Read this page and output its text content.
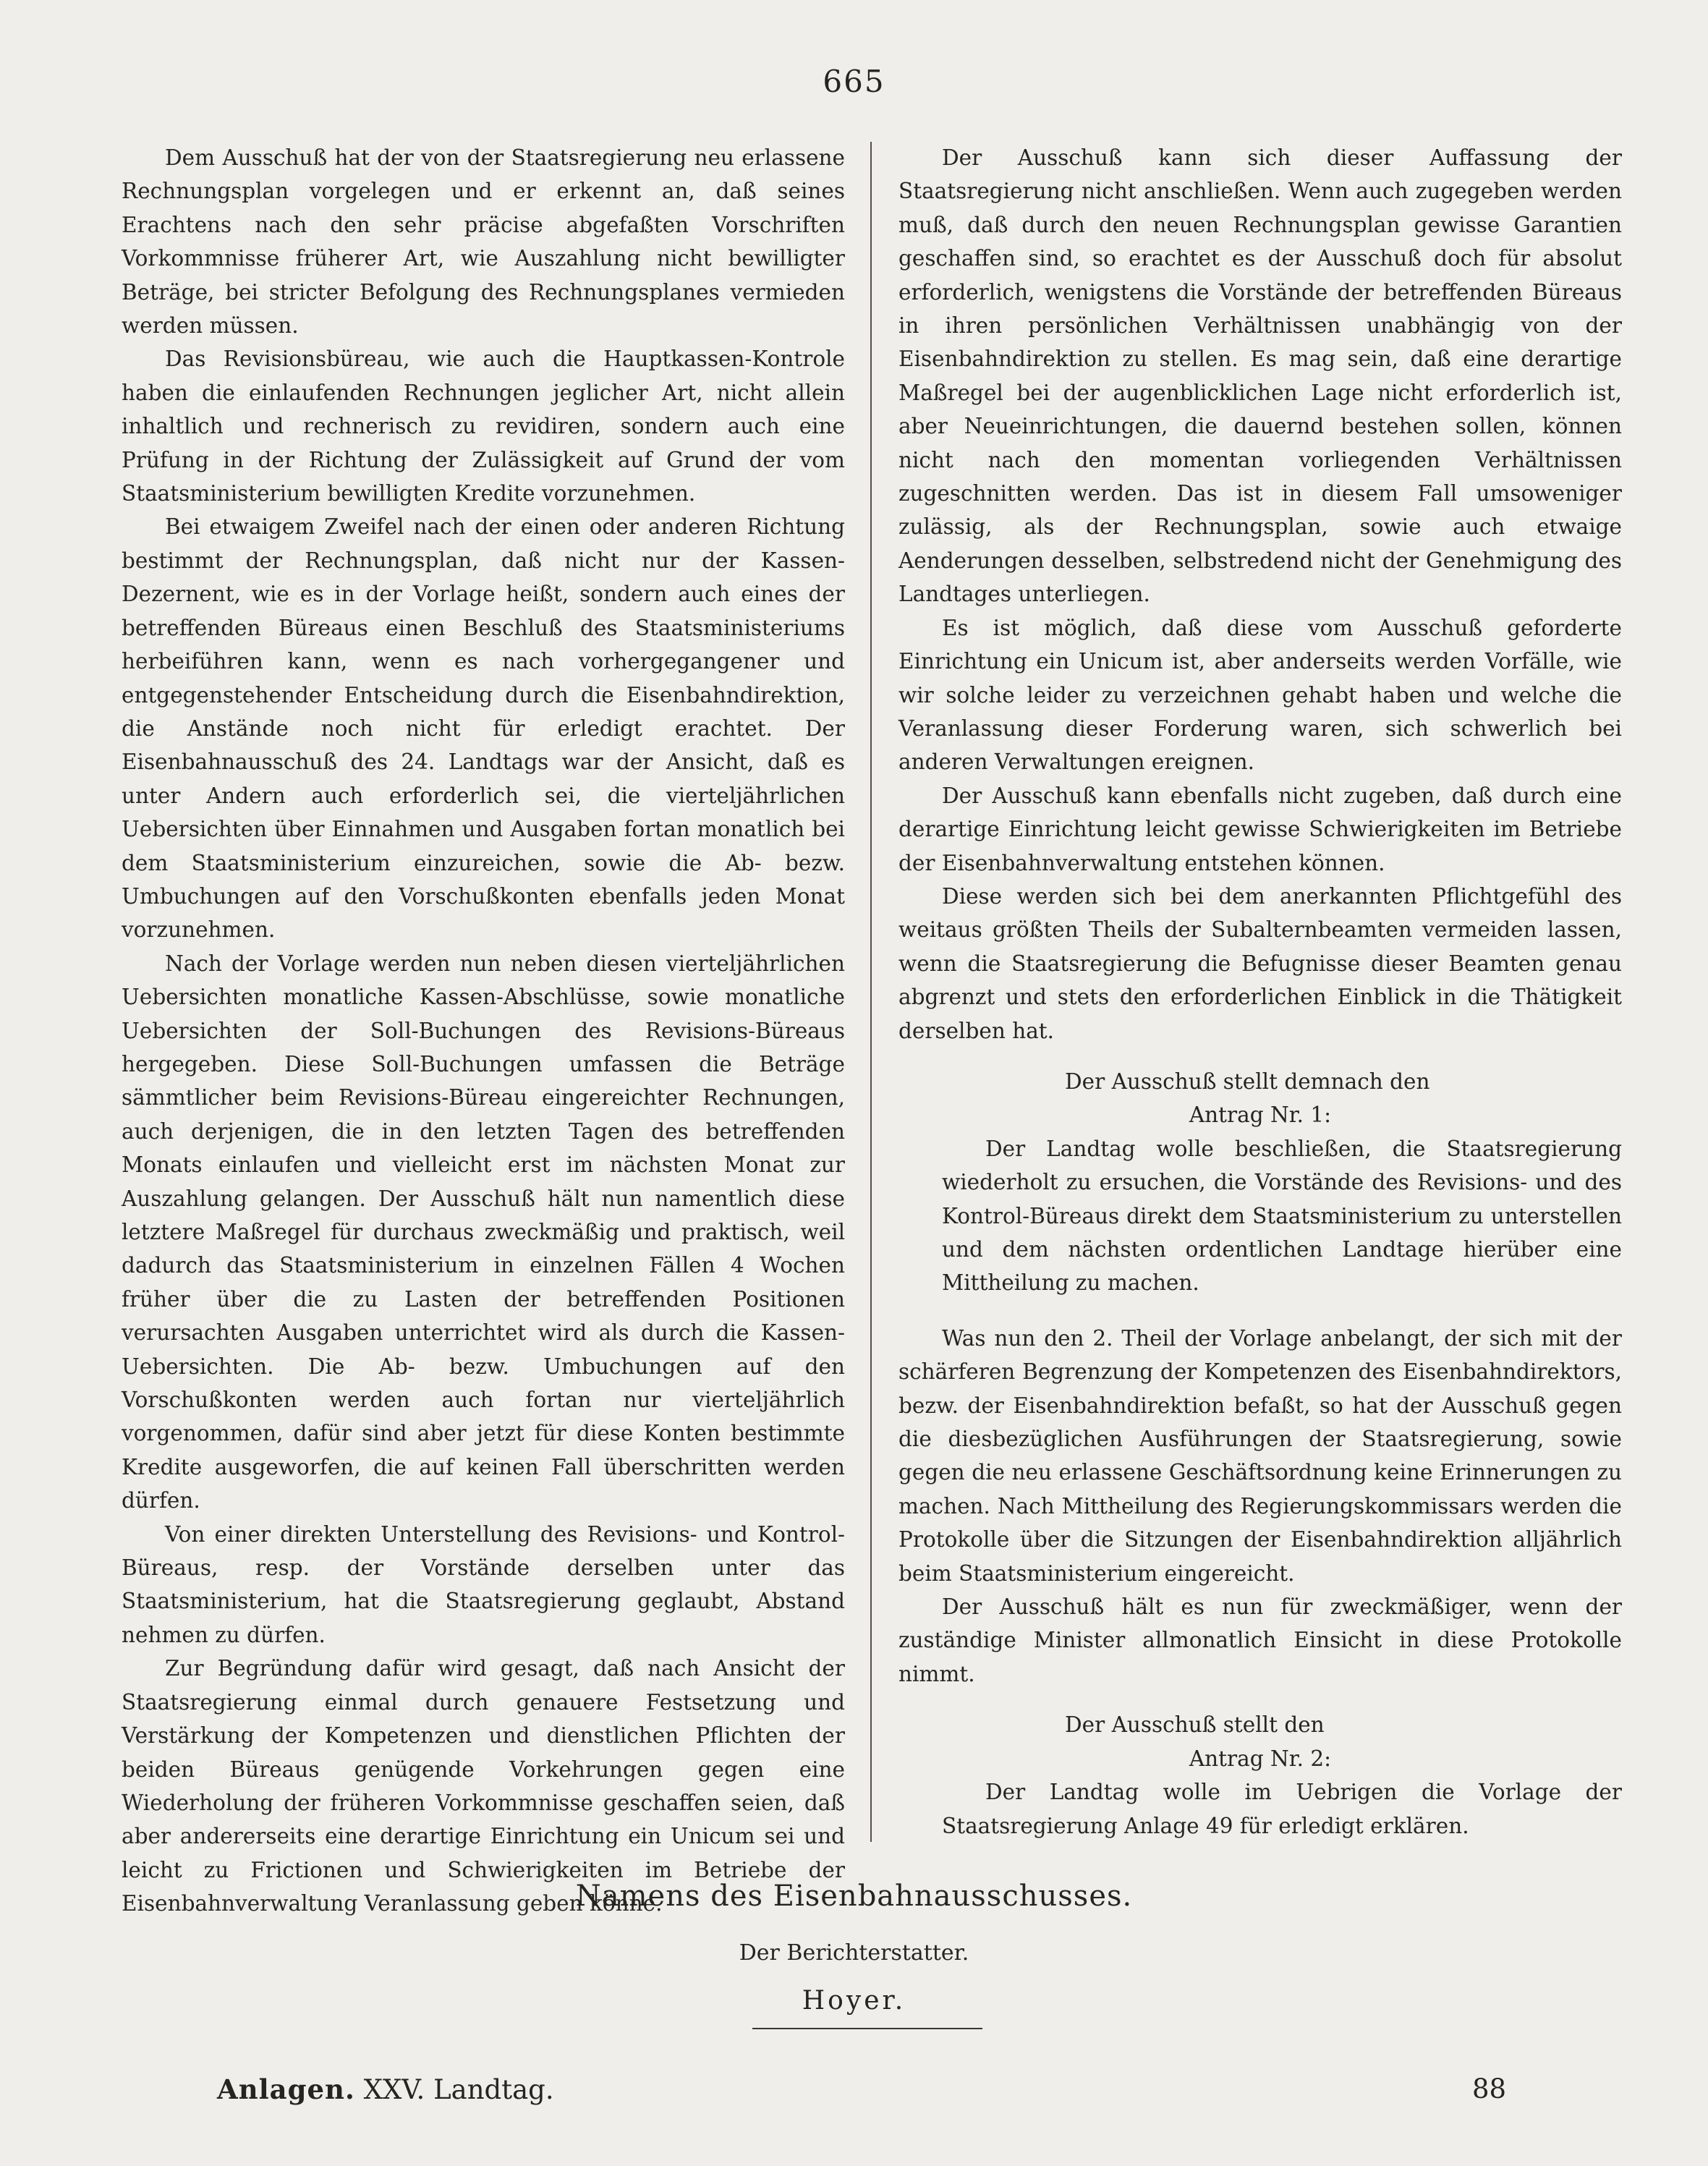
665

Dem Ausschuß hat der von der Staatsregierung neu erlassene Rechnungsplan vorgelegen und er erkennt an, daß seines Erachtens nach den sehr präcise abgefaßten Vorschriften Vorkommnisse früherer Art, wie Auszahlung nicht bewilligter Beträge, bei stricter Befolgung des Rechnungsplanes vermieden werden müssen.

Das Revisionsbüreau, wie auch die Hauptkassen-Kontrole haben die einlaufenden Rechnungen jeglicher Art, nicht allein inhaltlich und rechnerisch zu revidiren, sondern auch eine Prüfung in der Richtung der Zulässigkeit auf Grund der vom Staatsministerium bewilligten Kredite vorzunehmen.

Bei etwaigem Zweifel nach der einen oder anderen Richtung bestimmt der Rechnungsplan, daß nicht nur der Kassen-Dezernent, wie es in der Vorlage heißt, sondern auch eines der betreffenden Büreaus einen Beschluß des Staatsministeriums herbeiführen kann, wenn es nach vorhergegangener und entgegenstehender Entscheidung durch die Eisenbahndirektion, die Anstände noch nicht für erledigt erachtet. Der Eisenbahnausschuß des 24. Landtags war der Ansicht, daß es unter Andern auch erforderlich sei, die vierteljährlichen Uebersichten über Einnahmen und Ausgaben fortan monatlich bei dem Staatsministerium einzureichen, sowie die Ab- bezw. Umbuchungen auf den Vorschußkonten ebenfalls jeden Monat vorzunehmen.

Nach der Vorlage werden nun neben diesen vierteljährlichen Uebersichten monatliche Kassen-Abschlüsse, sowie monatliche Uebersichten der Soll-Buchungen des Revisions-Büreaus hergegeben. Diese Soll-Buchungen umfassen die Beträge sämmtlicher beim Revisions-Büreau eingereichter Rechnungen, auch derjenigen, die in den letzten Tagen des betreffenden Monats einlaufen und vielleicht erst im nächsten Monat zur Auszahlung gelangen. Der Ausschuß hält nun namentlich diese letztere Maßregel für durchaus zweckmäßig und praktisch, weil dadurch das Staatsministerium in einzelnen Fällen 4 Wochen früher über die zu Lasten der betreffenden Positionen verursachten Ausgaben unterrichtet wird als durch die Kassen-Uebersichten. Die Ab- bezw. Umbuchungen auf den Vorschußkonten werden auch fortan nur vierteljährlich vorgenommen, dafür sind aber jetzt für diese Konten bestimmte Kredite ausgeworfen, die auf keinen Fall überschritten werden dürfen.

Von einer direkten Unterstellung des Revisions- und Kontrol-Büreaus, resp. der Vorstände derselben unter das Staatsministerium, hat die Staatsregierung geglaubt, Abstand nehmen zu dürfen.

Zur Begründung dafür wird gesagt, daß nach Ansicht der Staatsregierung einmal durch genauere Festsetzung und Verstärkung der Kompetenzen und dienstlichen Pflichten der beiden Büreaus genügende Vorkehrungen gegen eine Wiederholung der früheren Vorkommnisse geschaffen seien, daß aber andererseits eine derartige Einrichtung ein Unicum sei und leicht zu Frictionen und Schwierigkeiten im Betriebe der Eisenbahnverwaltung Veranlassung geben könne.

Der Ausschuß kann sich dieser Auffassung der Staatsregierung nicht anschließen. Wenn auch zugegeben werden muß, daß durch den neuen Rechnungsplan gewisse Garantien geschaffen sind, so erachtet es der Ausschuß doch für absolut erforderlich, wenigstens die Vorstände der betreffenden Büreaus in ihren persönlichen Verhältnissen unabhängig von der Eisenbahndirektion zu stellen. Es mag sein, daß eine derartige Maßregel bei der augenblicklichen Lage nicht erforderlich ist, aber Neueinrichtungen, die dauernd bestehen sollen, können nicht nach den momentan vorliegenden Verhältnissen zugeschnitten werden. Das ist in diesem Fall umsoweniger zulässig, als der Rechnungsplan, sowie auch etwaige Aenderungen desselben, selbstredend nicht der Genehmigung des Landtages unterliegen.

Es ist möglich, daß diese vom Ausschuß geforderte Einrichtung ein Unicum ist, aber anderseits werden Vorfälle, wie wir solche leider zu verzeichnen gehabt haben und welche die Veranlassung dieser Forderung waren, sich schwerlich bei anderen Verwaltungen ereignen.

Der Ausschuß kann ebenfalls nicht zugeben, daß durch eine derartige Einrichtung leicht gewisse Schwierigkeiten im Betriebe der Eisenbahnverwaltung entstehen können.

Diese werden sich bei dem anerkannten Pflichtgefühl des weitaus größten Theils der Subalternbeamten vermeiden lassen, wenn die Staatsregierung die Befugnisse dieser Beamten genau abgrenzt und stets den erforderlichen Einblick in die Thätigkeit derselben hat.

Der Ausschuß stellt demnach den

Antrag Nr. 1:

Der Landtag wolle beschließen, die Staatsregierung wiederholt zu ersuchen, die Vorstände des Revisions- und des Kontrol-Büreaus direkt dem Staatsministerium zu unterstellen und dem nächsten ordentlichen Landtage hierüber eine Mittheilung zu machen.

Was nun den 2. Theil der Vorlage anbelangt, der sich mit der schärferen Begrenzung der Kompetenzen des Eisenbahndirektors, bezw. der Eisenbahndirektion befaßt, so hat der Ausschuß gegen die diesbezüglichen Ausführungen der Staatsregierung, sowie gegen die neu erlassene Geschäftsordnung keine Erinnerungen zu machen. Nach Mittheilung des Regierungskommissars werden die Protokolle über die Sitzungen der Eisenbahndirektion alljährlich beim Staatsministerium eingereicht.

Der Ausschuß hält es nun für zweckmäßiger, wenn der zuständige Minister allmonatlich Einsicht in diese Protokolle nimmt.

Der Ausschuß stellt den

Antrag Nr. 2:

Der Landtag wolle im Uebrigen die Vorlage der Staatsregierung Anlage 49 für erledigt erklären.

Namens des Eisenbahnausschusses.
Der Berichterstatter.
Hoyer.
Anlagen. XXV. Landtag.	88
